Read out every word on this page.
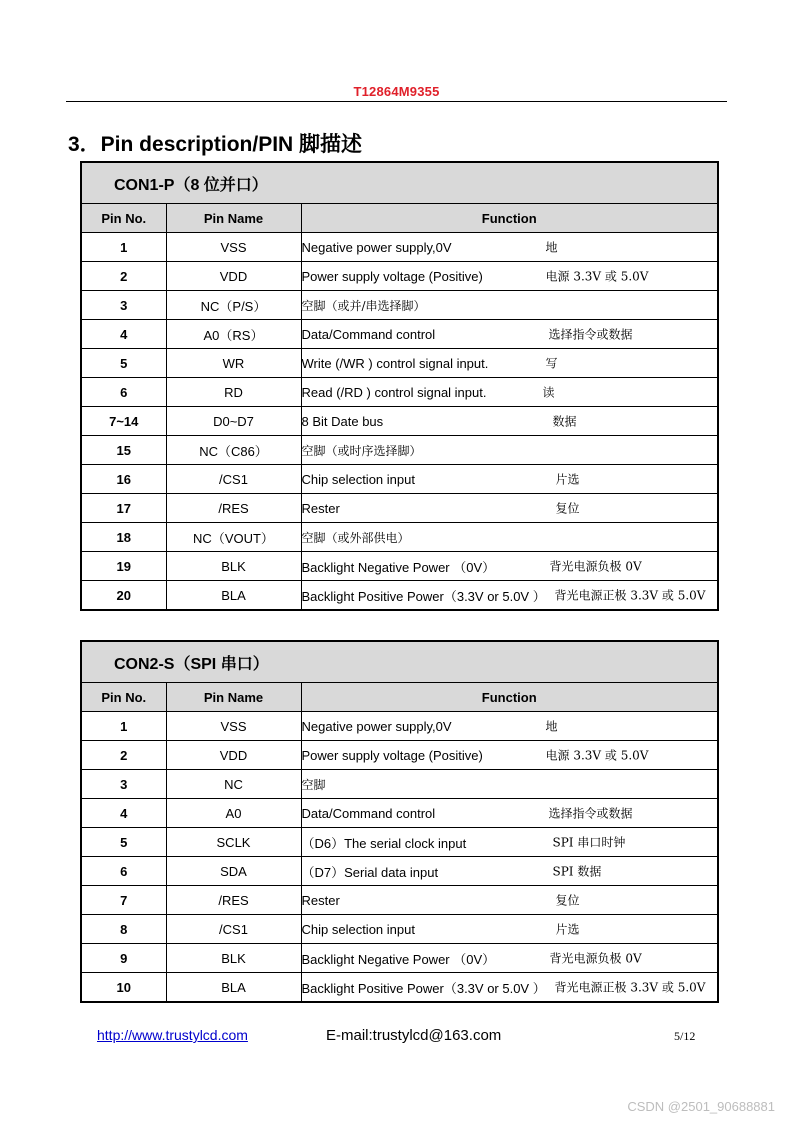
T12864M9355
3．Pin description/PIN 脚描述
CON1-P（8 位并口）		
Pin No.	Pin Name	Function
1	VSS	Negative power supply,0V 地

2	VDD	Power supply voltage (Positive) 电源 3.3V 或 5.0V

3	NC（P/S）	空脚（或并/串选择脚）
4	A0（RS）	Data/Command control 选择指令或数据

5	WR	Write (/WR ) control signal input. 写

6	RD	Read (/RD ) control signal input. 读

7~14	D0~D7	8 Bit Date bus 数据

15	NC（C86）	空脚（或时序选择脚）
16	/CS1	Chip selection input 片选

17	/RES	Rester 复位

18	NC（VOUT）	空脚（或外部供电）
19	BLK	Backlight Negative Power （0V） 背光电源负极 0V

20	BLA	Backlight Positive Power（3.3V or 5.0V ） 背光电源正极 3.3V 或 5.0V
CON2-S（SPI 串口）		
Pin No.	Pin Name	Function
1	VSS	Negative power supply,0V 地

2	VDD	Power supply voltage (Positive) 电源 3.3V 或 5.0V

3	NC	空脚
4	A0	Data/Command control 选择指令或数据

5	SCLK	（D6）The serial clock input SPI 串口时钟

6	SDA	（D7）Serial data input SPI 数据

7	/RES	Rester 复位

8	/CS1	Chip selection input 片选

9	BLK	Backlight Negative Power （0V） 背光电源负极 0V

10	BLA	Backlight Positive Power（3.3V or 5.0V ） 背光电源正极 3.3V 或 5.0V
http://www.trustylcd.com	E-mail:trustylcd@163.com	5/12
CSDN @2501_90688881
